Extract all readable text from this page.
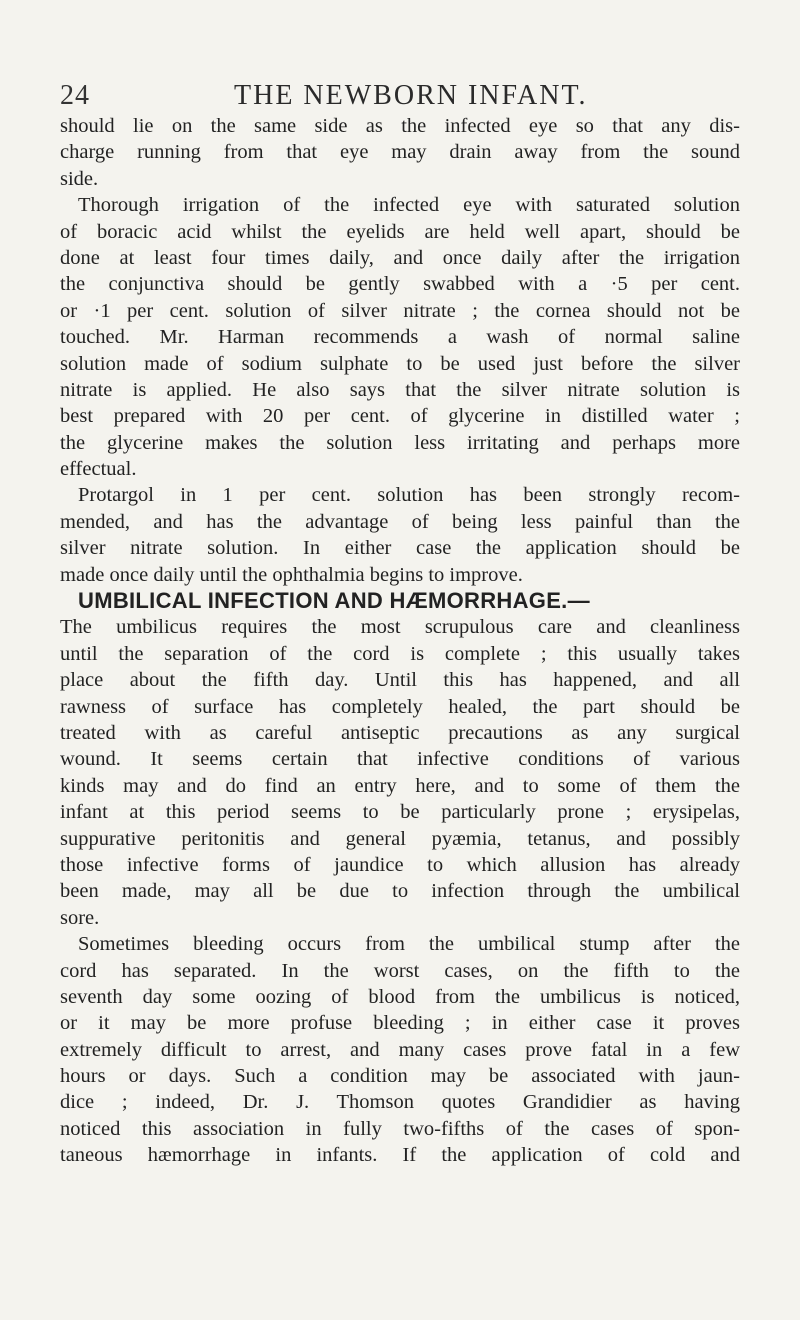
24	THE NEWBORN INFANT.
should lie on the same side as the infected eye so that any dis-
charge running from that eye may drain away from the sound
side.
Thorough irrigation of the infected eye with saturated solution
of boracic acid whilst the eyelids are held well apart, should be
done at least four times daily, and once daily after the irrigation
the conjunctiva should be gently swabbed with a ·5 per cent.
or ·1 per cent. solution of silver nitrate ; the cornea should not be
touched. Mr. Harman recommends a wash of normal saline
solution made of sodium sulphate to be used just before the silver
nitrate is applied. He also says that the silver nitrate solution is
best prepared with 20 per cent. of glycerine in distilled water ;
the glycerine makes the solution less irritating and perhaps more
effectual.
Protargol in 1 per cent. solution has been strongly recom-
mended, and has the advantage of being less painful than the
silver nitrate solution. In either case the application should be
made once daily until the ophthalmia begins to improve.
UMBILICAL INFECTION AND HÆMORRHAGE.—
The umbilicus requires the most scrupulous care and cleanliness
until the separation of the cord is complete ; this usually takes
place about the fifth day. Until this has happened, and all
rawness of surface has completely healed, the part should be
treated with as careful antiseptic precautions as any surgical
wound. It seems certain that infective conditions of various
kinds may and do find an entry here, and to some of them the
infant at this period seems to be particularly prone ; erysipelas,
suppurative peritonitis and general pyæmia, tetanus, and possibly
those infective forms of jaundice to which allusion has already
been made, may all be due to infection through the umbilical
sore.
Sometimes bleeding occurs from the umbilical stump after the
cord has separated. In the worst cases, on the fifth to the
seventh day some oozing of blood from the umbilicus is noticed,
or it may be more profuse bleeding ; in either case it proves
extremely difficult to arrest, and many cases prove fatal in a few
hours or days. Such a condition may be associated with jaun-
dice ; indeed, Dr. J. Thomson quotes Grandidier as having
noticed this association in fully two-fifths of the cases of spon-
taneous hæmorrhage in infants. If the application of cold and
